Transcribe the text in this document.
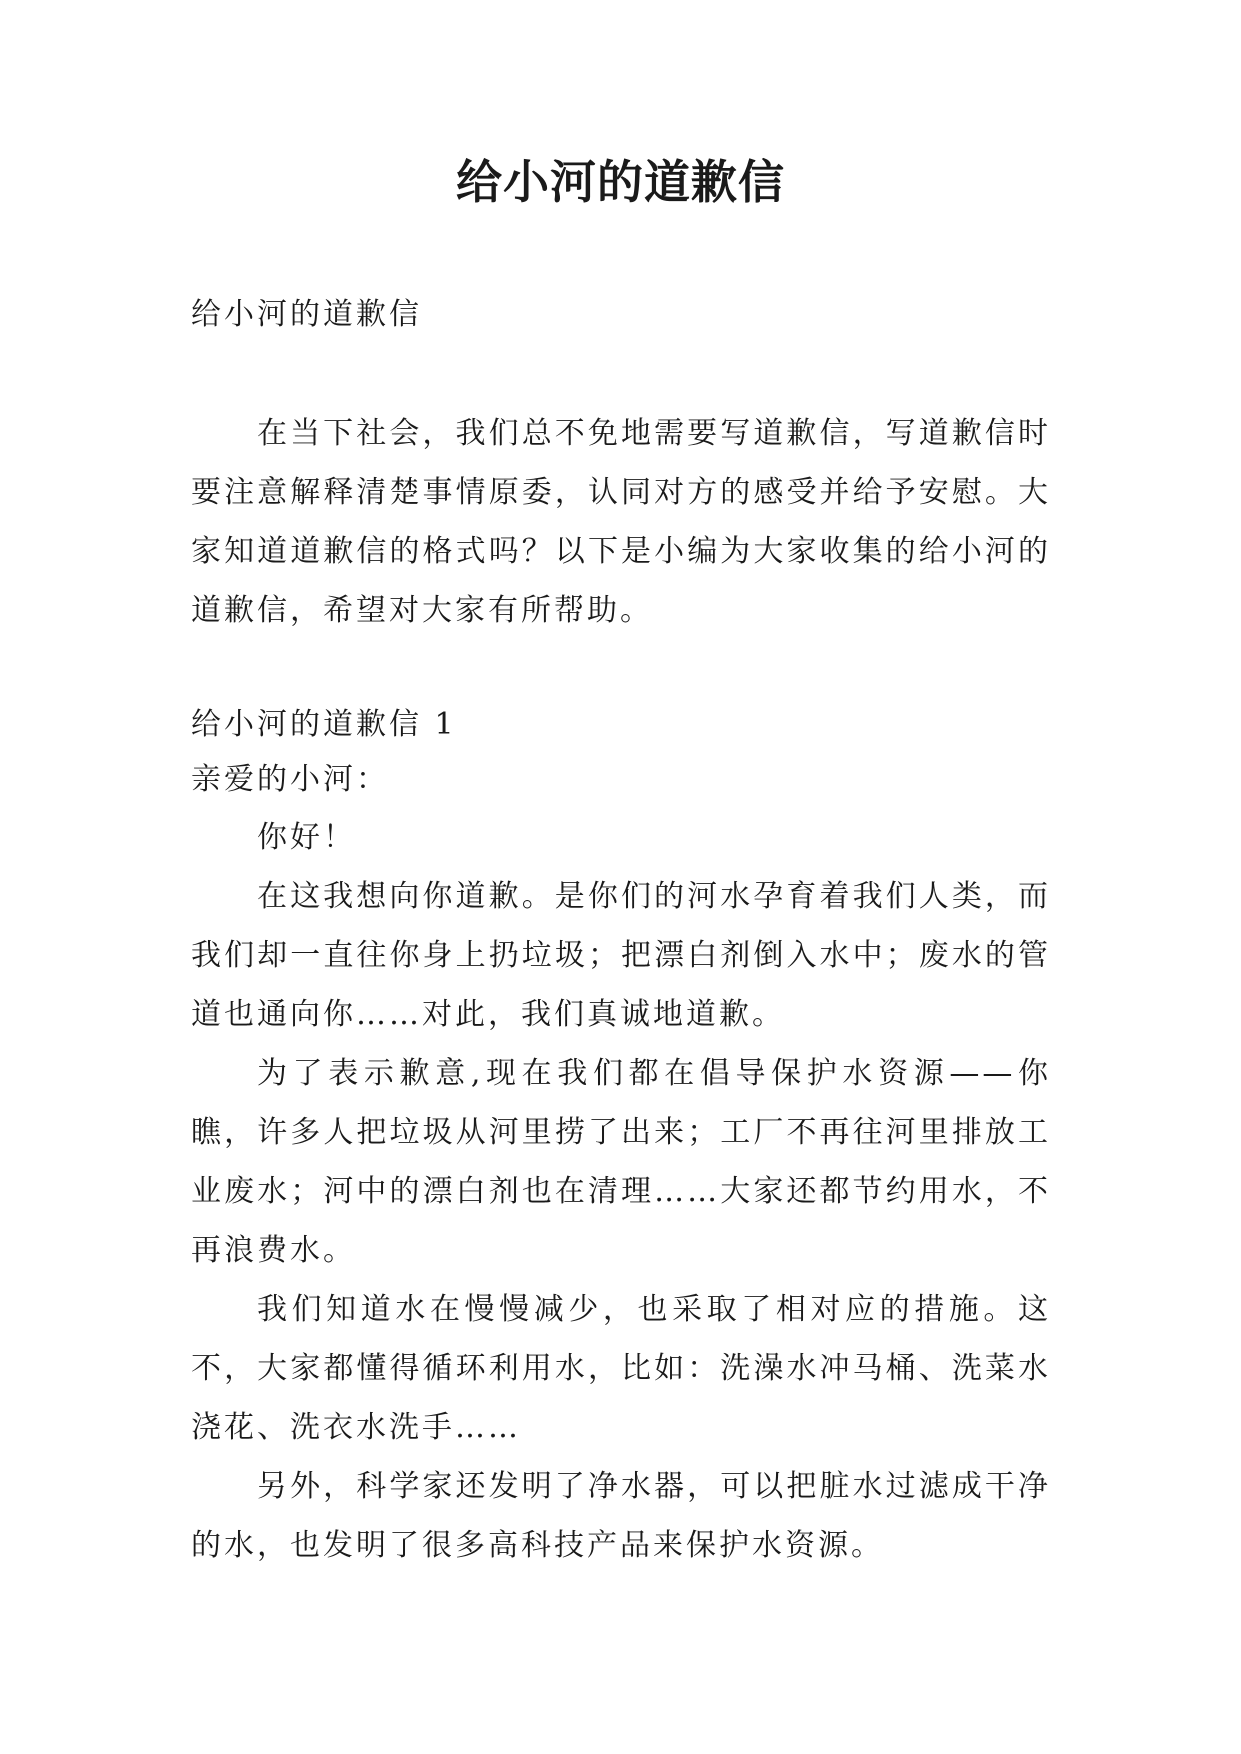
给小河的道歉信

给小河的道歉信

在当下社会，我们总不免地需要写道歉信，写道歉信时要注意解释清楚事情原委，认同对方的感受并给予安慰。大家知道道歉信的格式吗？以下是小编为大家收集的给小河的道歉信，希望对大家有所帮助。

给小河的道歉信 1

亲爱的小河：

你好！

在这我想向你道歉。是你们的河水孕育着我们人类，而我们却一直往你身上扔垃圾；把漂白剂倒入水中；废水的管道也通向你……对此，我们真诚地道歉。

为了表示歉意,现在我们都在倡导保护水资源——你瞧，许多人把垃圾从河里捞了出来；工厂不再往河里排放工业废水；河中的漂白剂也在清理……大家还都节约用水，不再浪费水。

我们知道水在慢慢减少，也采取了相对应的措施。这不，大家都懂得循环利用水，比如：洗澡水冲马桶、洗菜水浇花、洗衣水洗手……

另外，科学家还发明了净水器，可以把脏水过滤成干净的水，也发明了很多高科技产品来保护水资源。
